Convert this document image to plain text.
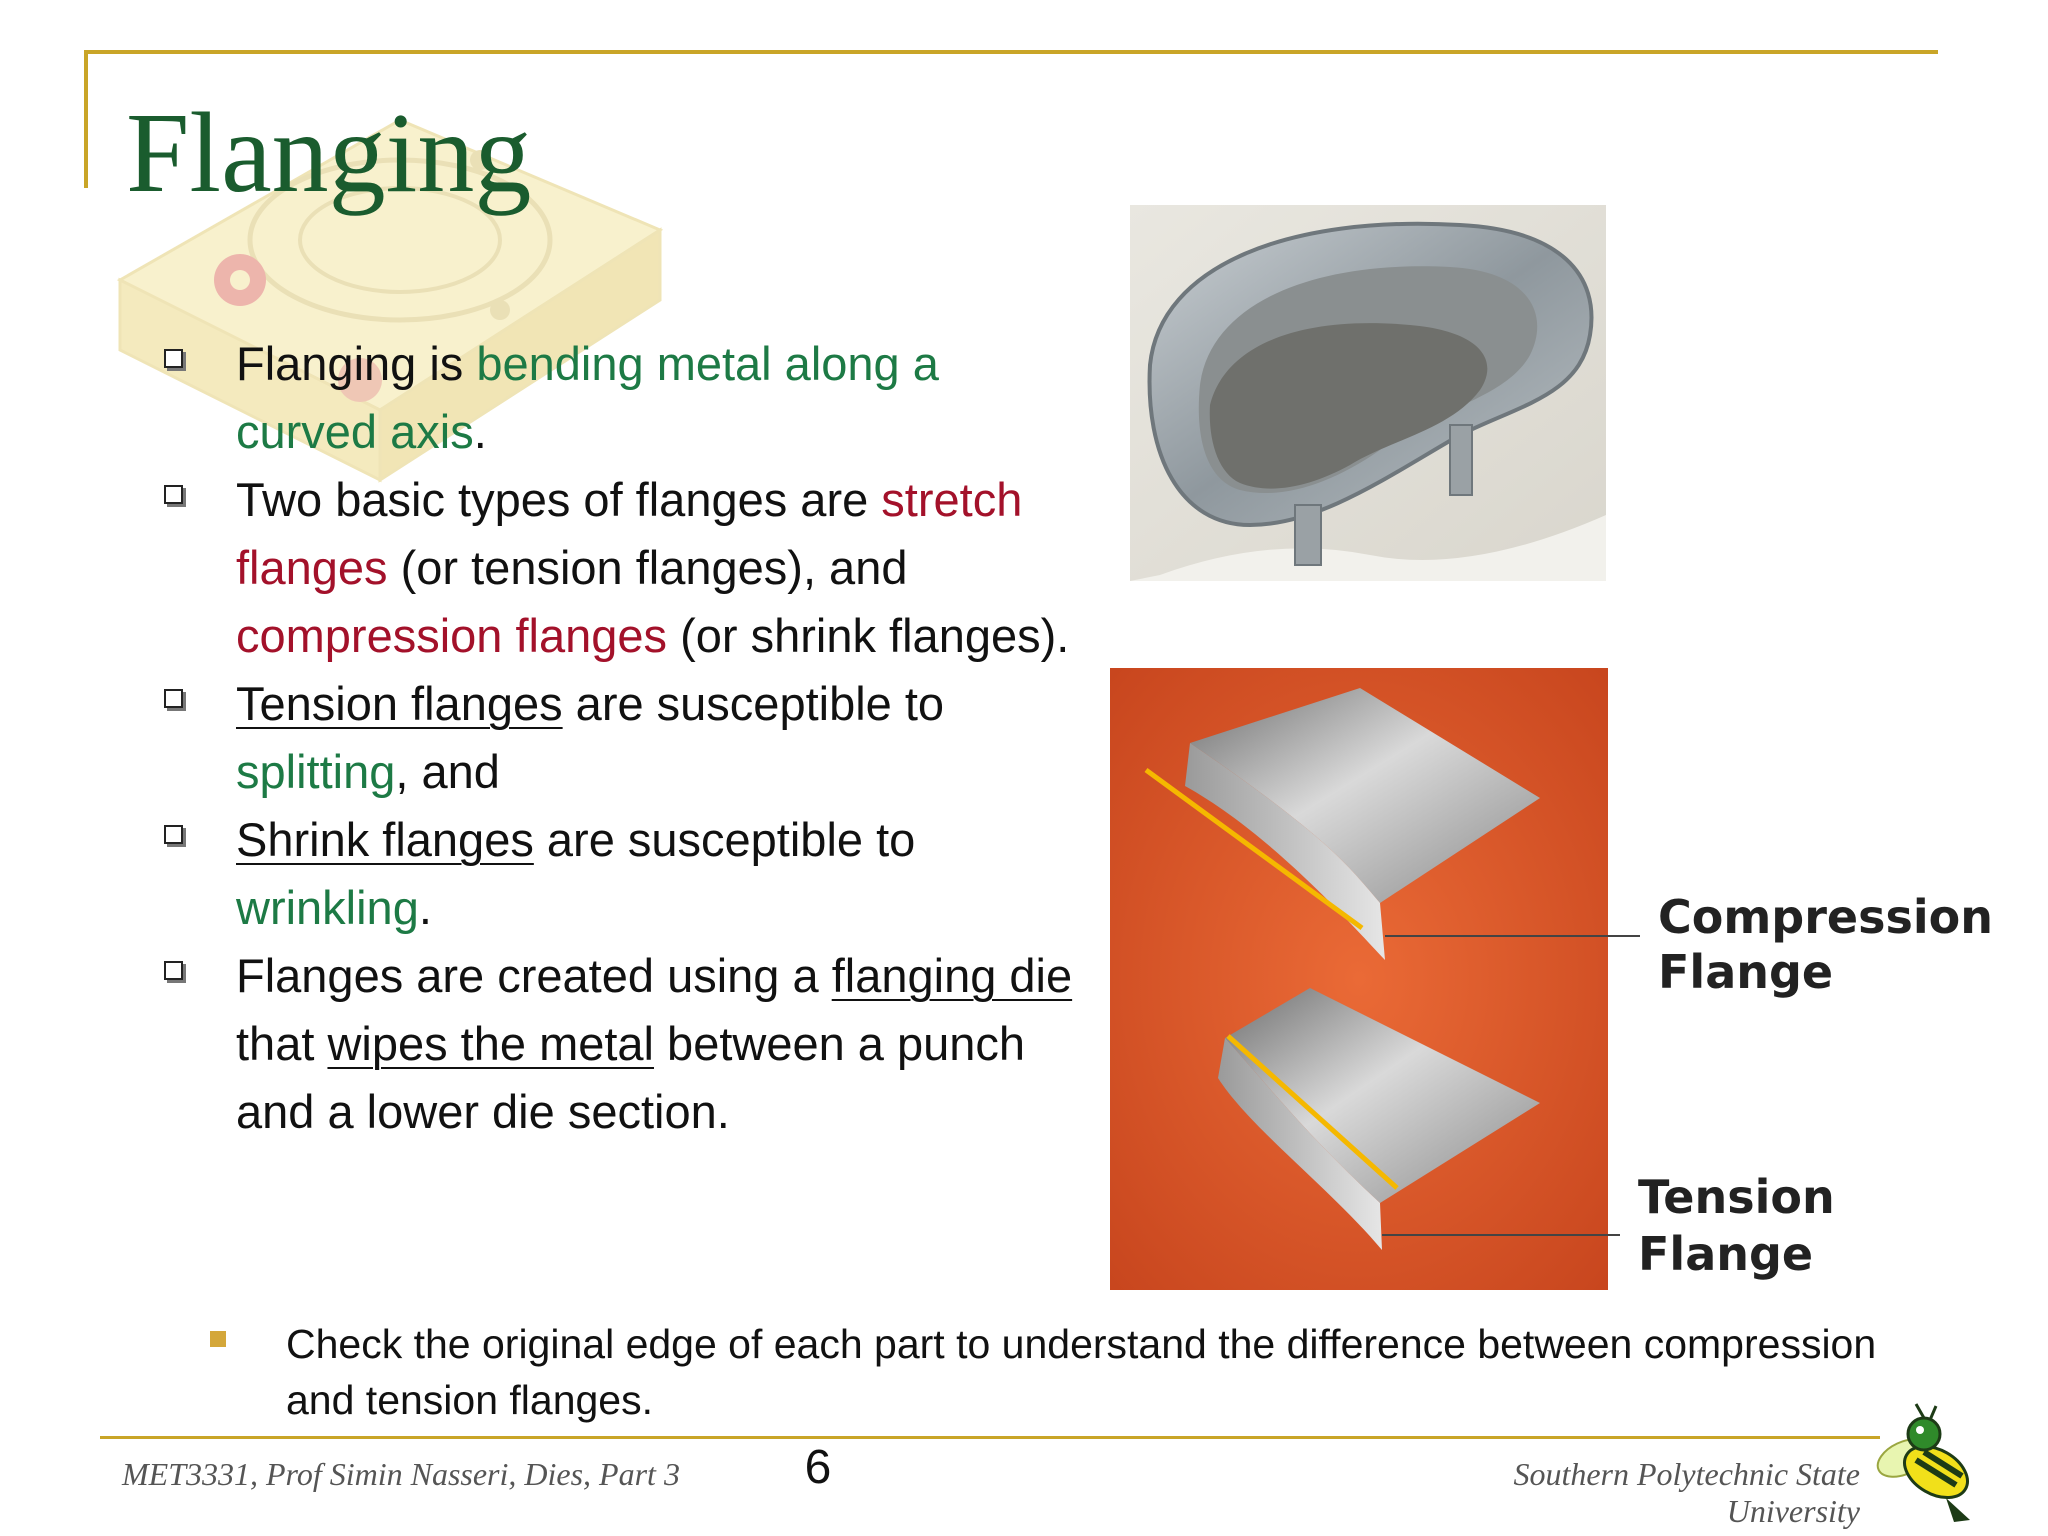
Flanging
Flanging is bending metal along a curved axis.
Two basic types of flanges are stretch flanges (or tension flanges), and compression flanges (or shrink flanges).
Tension flanges are susceptible to splitting, and
Shrink flanges are susceptible to wrinkling.
Flanges are created using a flanging die that wipes the metal between a punch and a lower die section.
Compression
Flange
Tension
Flange
Check the original edge of each part to understand the difference between compression and tension flanges.
MET3331, Prof Simin Nasseri, Dies, Part 3	6	Southern Polytechnic State University
